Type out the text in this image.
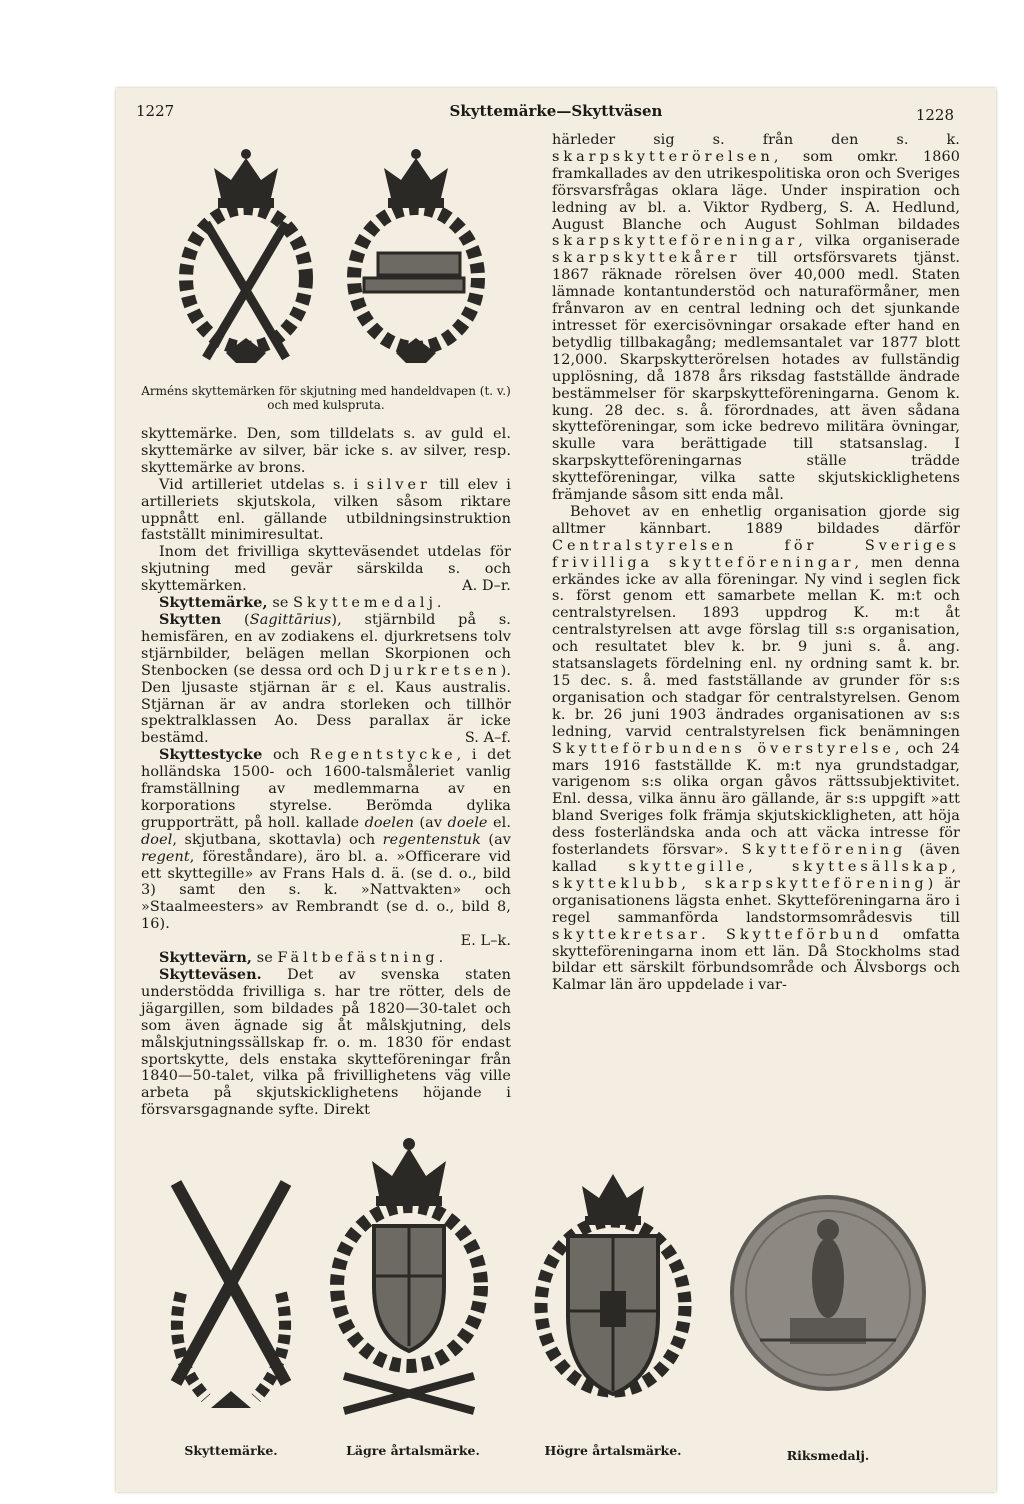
1227	Skyttemärke—Skyttväsen	1228
Arméns skyttemärken för skjutning med handeldvapen (t. v.) och med kulspruta.

skyttemärke. Den, som tilldelats s. av guld el. skyttemärke av silver, bär icke s. av silver, resp. skyttemärke av brons.

Vid artilleriet utdelas s. i silver till elev i artilleriets skjutskola, vilken såsom riktare uppnått enl. gällande utbildningsinstruktion fastställt minimiresultat.

Inom det frivilliga skytteväsendet utdelas för skjutning med gevär särskilda s. och skyttemärken.	A. D–r.

Skyttemärke, se Skyttemedalj.

Skytten (Sagittārius), stjärnbild på s. hemisfären, en av zodiakens el. djurkretsens tolv stjärnbilder, belägen mellan Skorpionen och Stenbocken (se dessa ord och Djurkretsen). Den ljusaste stjärnan är ε el. Kaus australis. Stjärnan är av andra storleken och tillhör spektralklassen Ao. Dess parallax är icke bestämd.	S. A–f.

Skyttestycke och Regentstycke, i det holländska 1500- och 1600-talsmåleriet vanlig framställning av medlemmarna av en korporations styrelse. Berömda dylika grupporträtt, på holl. kallade doelen (av doele el. doel, skjutbana, skottavla) och regentenstuk (av regent, föreståndare), äro bl. a. »Officerare vid ett skyttegille» av Frans Hals d. ä. (se d. o., bild 3) samt den s. k. »Nattvakten» och »Staalmeesters» av Rembrandt (se d. o., bild 8, 16).

E. L–k.

Skyttevärn, se Fältbefästning.

Skytteväsen. Det av svenska staten understödda frivilliga s. har tre rötter, dels de jägargillen, som bildades på 1820—30-talet och som även ägnade sig åt målskjutning, dels målskjutningssällskap fr. o. m. 1830 för endast sportskytte, dels enstaka skytteföreningar från 1840—50-talet, vilka på frivillighetens väg ville arbeta på skjutskicklighetens höjande i försvarsgagnande syfte. Direkt

härleder sig s. från den s. k. skarpskytterörelsen, som omkr. 1860 framkallades av den utrikespolitiska oron och Sveriges försvarsfrågas oklara läge. Under inspiration och ledning av bl. a. Viktor Rydberg, S. A. Hedlund, August Blanche och August Sohlman bildades skarpskytteföreningar, vilka organiserade skarpskyttekårer till ortsförsvarets tjänst. 1867 räknade rörelsen över 40,000 medl. Staten lämnade kontantunderstöd och naturaförmåner, men frånvaron av en central ledning och det sjunkande intresset för exercisövningar orsakade efter hand en betydlig tillbakagång; medlemsantalet var 1877 blott 12,000. Skarpskytterörelsen hotades av fullständig upplösning, då 1878 års riksdag fastställde ändrade bestämmelser för skarpskytteföreningarna. Genom k. kung. 28 dec. s. å. förordnades, att även sådana skytteföreningar, som icke bedrevo militära övningar, skulle vara berättigade till statsanslag. I skarpskytteföreningarnas ställe trädde skytteföreningar, vilka satte skjutskicklighetens främjande såsom sitt enda mål.

Behovet av en enhetlig organisation gjorde sig alltmer kännbart. 1889 bildades därför Centralstyrelsen för Sveriges frivilliga skytteföreningar, men denna erkändes icke av alla föreningar. Ny vind i seglen fick s. först genom ett samarbete mellan K. m:t och centralstyrelsen. 1893 uppdrog K. m:t åt centralstyrelsen att avge förslag till s:s organisation, och resultatet blev k. br. 9 juni s. å. ang. statsanslagets fördelning enl. ny ordning samt k. br. 15 dec. s. å. med fastställande av grunder för s:s organisation och stadgar för centralstyrelsen. Genom k. br. 26 juni 1903 ändrades organisationen av s:s ledning, varvid centralstyrelsen fick benämningen Skytteförbundens överstyrelse, och 24 mars 1916 fastställde K. m:t nya grundstadgar, varigenom s:s olika organ gåvos rättssubjektivitet. Enl. dessa, vilka ännu äro gällande, är s:s uppgift »att bland Sveriges folk främja skjutskickligheten, att höja dess fosterländska anda och att väcka intresse för fosterlandets försvar». Skytteförening (även kallad skyttegille, skyttesällskap, skytteklubb, skarpskytteförening) är organisationens lägsta enhet. Skytteföreningarna äro i regel sammanförda landstormsområdesvis till skyttekretsar. Skytteförbund omfatta skytteföreningarna inom ett län. Då Stockholms stad bildar ett särskilt förbundsområde och Älvsborgs och Kalmar län äro uppdelade i var-

Skyttemärke.	Lägre årtalsmärke.	Högre årtalsmärke.	Riksmedalj.
